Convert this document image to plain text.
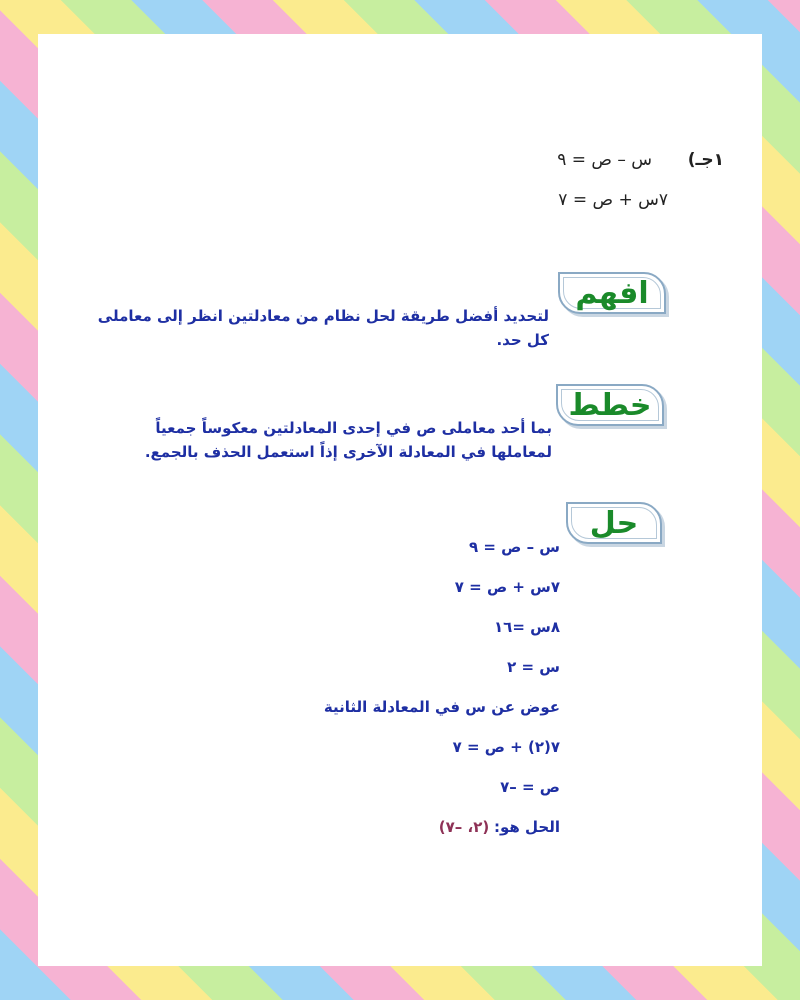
١جـ)
س – ص = ٩
٧س + ص = ٧
افهم
لتحديد أفضل طريقة لحل نظام من معادلتين انظر إلى معاملى كل حد.
خطط
بما أحد معاملى ص في إحدى المعادلتين معكوساً جمعياً لمعاملها في المعادلة الآخرى إذاً استعمل الحذف بالجمع.
حل
س – ص = ٩
٧س + ص = ٧
٨س =١٦
س = ٢
عوض عن س في المعادلة الثانية
٧(٢) + ص = ٧
ص = –٧
الحل هو: (٢، –٧)
